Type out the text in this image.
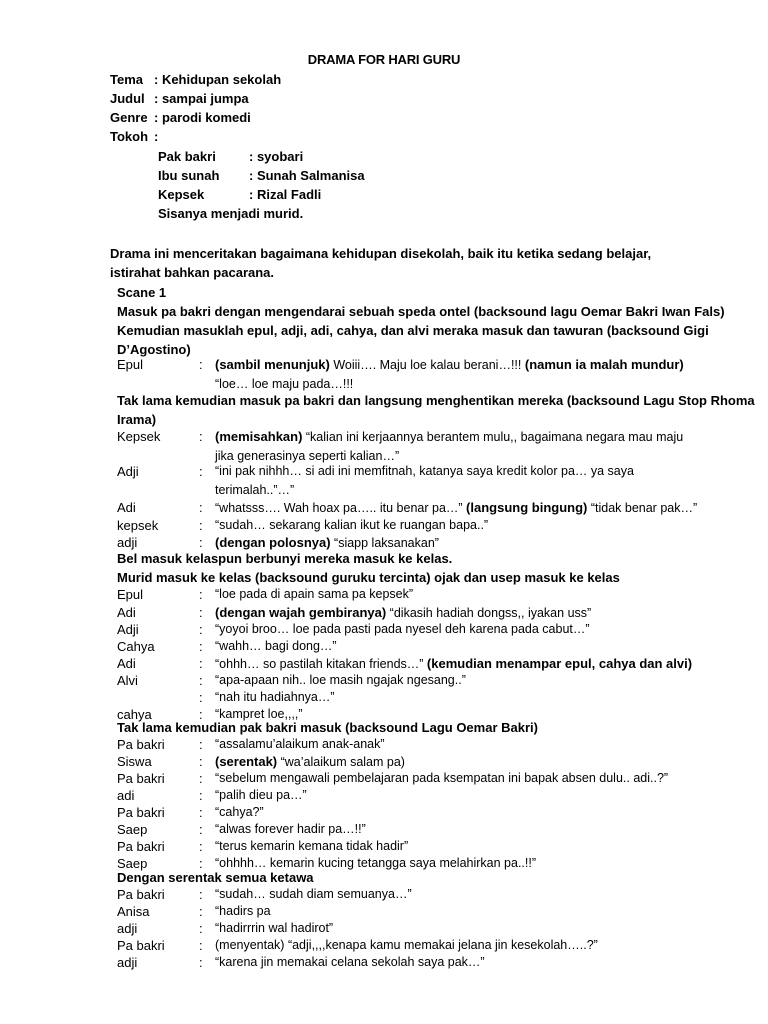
DRAMA FOR HARI GURU
Tema : Kehidupan sekolah
Judul : sampai jumpa
Genre : parodi komedi
Tokoh :
Pak bakri	: syobari
Ibu sunah : Sunah Salmanisa
Kepsek	: Rizal Fadli
Sisanya menjadi murid.
Drama ini menceritakan bagaimana kehidupan disekolah, baik itu ketika sedang belajar, istirahat bahkan pacarana.
Scane 1
Masuk pa bakri dengan mengendarai sebuah speda ontel (backsound lagu Oemar Bakri Iwan Fals)
Kemudian masuklah epul, adji, adi, cahya, dan alvi meraka masuk dan tawuran (backsound Gigi
D’Agostino)
Epul	: (sambil menunjuk) Woiii…. Maju loe kalau berani…!!! (namun ia malah mundur) “loe… loe maju pada…!!!
Tak lama kemudian masuk pa bakri dan langsung menghentikan mereka (backsound Lagu Stop Rhoma
Irama)
Kepsek	: (memisahkan) “kalian ini kerjaannya berantem mulu,, bagaimana negara mau maju jika generasinya seperti kalian…”
Adji	: “ini pak nihhh… si adi ini memfitnah, katanya saya kredit kolor pa… ya saya terimalah..”…”
Adi	: “whatsss…. Wah hoax pa….. itu benar pa…” (langsung bingung) “tidak benar pak…”
kepsek	: “sudah… sekarang kalian ikut ke ruangan bapa..”
adji	: (dengan polosnya) “siapp laksanakan”
Bel masuk kelaspun berbunyi mereka masuk ke kelas.
Murid masuk ke kelas (backsound guruku tercinta) ojak dan usep masuk ke kelas
Epul	: “loe pada di apain sama pa kepsek”
Adi	: (dengan wajah gembiranya) “dikasih hadiah dongss,, iyakan uss”
Adji	: “yoyoi broo… loe pada pasti pada nyesel deh karena pada cabut…”
Cahya	: “wahh… bagi dong…”
Adi	: “ohhh… so pastilah kitakan friends…” (kemudian menampar epul, cahya dan alvi)
Alvi	: “apa-apaan nih.. loe masih ngajak ngesang..”
: “nah itu hadiahnya…”
cahya	: “kampret loe,,,,”
Tak lama kemudian pak bakri masuk (backsound Lagu Oemar Bakri)
Pa bakri	: “assalamu’alaikum anak-anak”
Siswa	: (serentak) “wa’alaikum salam pa)
Pa bakri	: “sebelum mengawali pembelajaran pada ksempatan ini bapak absen dulu.. adi..?”
adi	: “palih dieu pa…”
Pa bakri	: “cahya?”
Saep	: “alwas forever hadir pa…!!”
Pa bakri	: “terus kemarin kemana tidak hadir”
Saep	: “ohhhh… kemarin kucing tetangga saya melahirkan pa..!!”
Dengan serentak semua ketawa
Pa bakri	: “sudah… sudah diam semuanya…”
Anisa	: “hadirs pa
adji	: “hadirrrin wal hadirot”
Pa bakri	: (menyentak) “adji,,,,kenapa kamu memakai jelana jin kesekolah…..?”
adji	: “karena jin memakai celana sekolah saya pak…”
